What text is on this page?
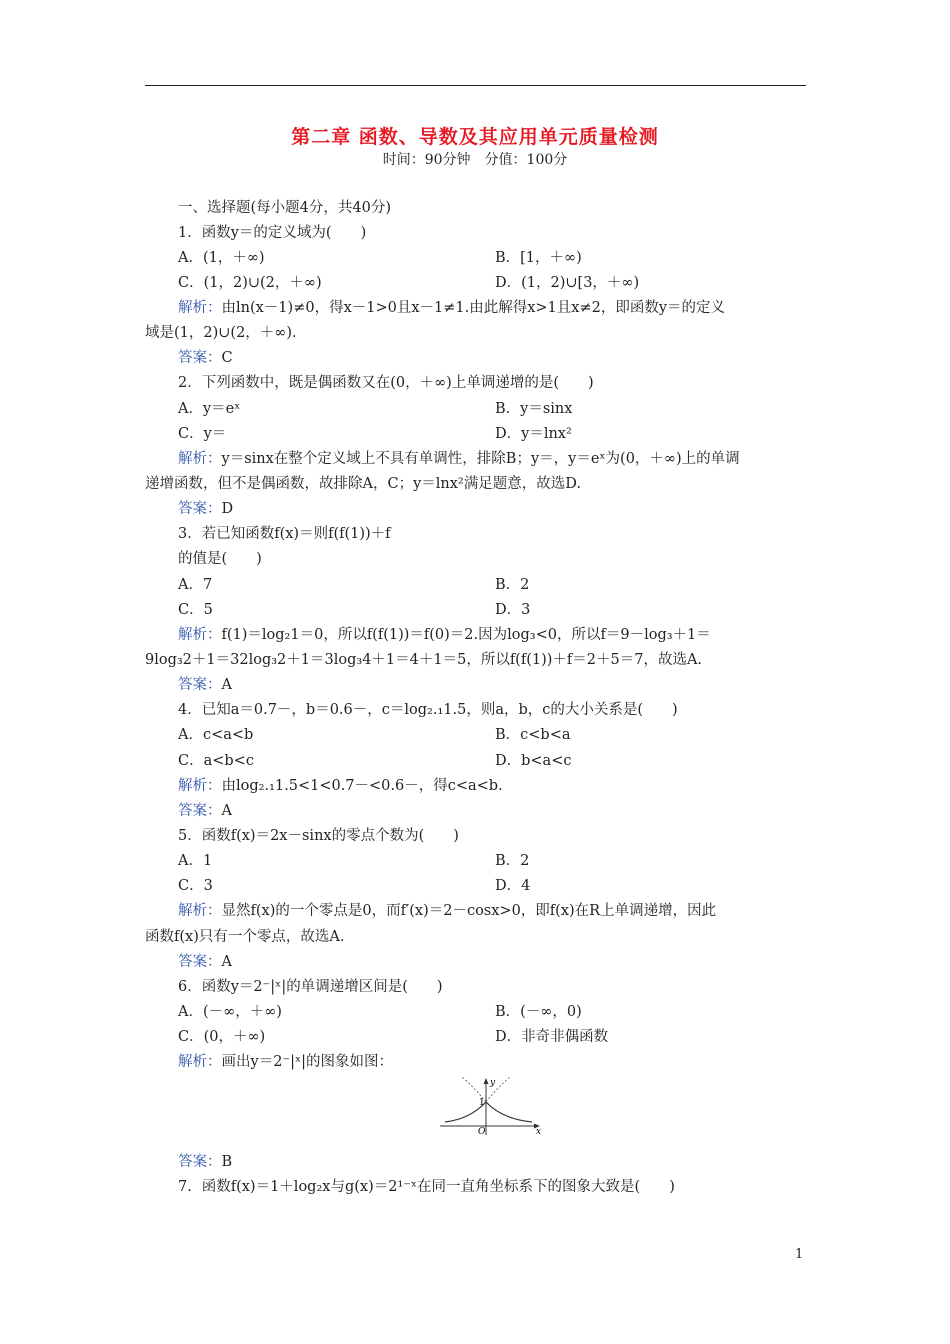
第二章 函数、导数及其应用单元质量检测
时间：90分钟　分值：100分
一、选择题(每小题4分，共40分)
1．函数y＝的定义域为(　　)
A．(1，＋∞)	B．[1，＋∞)
C．(1，2)∪(2，＋∞)	D．(1，2)∪[3，＋∞)
解析：由ln(x－1)≠0，得x－1>0且x－1≠1.由此解得x>1且x≠2，即函数y＝的定义
域是(1，2)∪(2，＋∞)．
答案：C
2．下列函数中，既是偶函数又在(0，＋∞)上单调递增的是(　　)
A．y＝eˣ	B．y＝sinx
C．y＝	D．y＝lnx²
解析：y＝sinx在整个定义域上不具有单调性，排除B；y＝，y＝eˣ为(0，＋∞)上的单调
递增函数，但不是偶函数，故排除A，C；y＝lnx²满足题意，故选D.
答案：D
3．若已知函数f(x)＝则f(f(1))＋f
的值是(　　)
A．7	B．2
C．5	D．3
解析：f(1)＝log₂1＝0，所以f(f(1))＝f(0)＝2.因为log₃<0，所以f＝9－log₃＋1＝
9log₃2＋1＝32log₃2＋1＝3log₃4＋1＝4＋1＝5，所以f(f(1))＋f＝2＋5＝7，故选A.
答案：A
4．已知a＝0.7－，b＝0.6－，c＝log₂.₁1.5，则a，b，c的大小关系是(　　)
A．c<a<b	B．c<b<a
C．a<b<c	D．b<a<c
解析：由log₂.₁1.5<1<0.7－<0.6－，得c<a<b.
答案：A
5．函数f(x)＝2x－sinx的零点个数为(　　)
A．1	B．2
C．3	D．4
解析：显然f(x)的一个零点是0，而f′(x)＝2－cosx>0，即f(x)在R上单调递增，因此
函数f(x)只有一个零点，故选A.
答案：A
6．函数y＝2⁻|ˣ|的单调递增区间是(　　)
A．(－∞，＋∞)	B．(－∞，0)
C．(0，＋∞)	D．非奇非偶函数
解析：画出y＝2⁻|ˣ|的图象如图：
y
x
1
O
答案：B
7．函数f(x)＝1＋log₂x与g(x)＝2¹⁻ˣ在同一直角坐标系下的图象大致是(　　)
1
